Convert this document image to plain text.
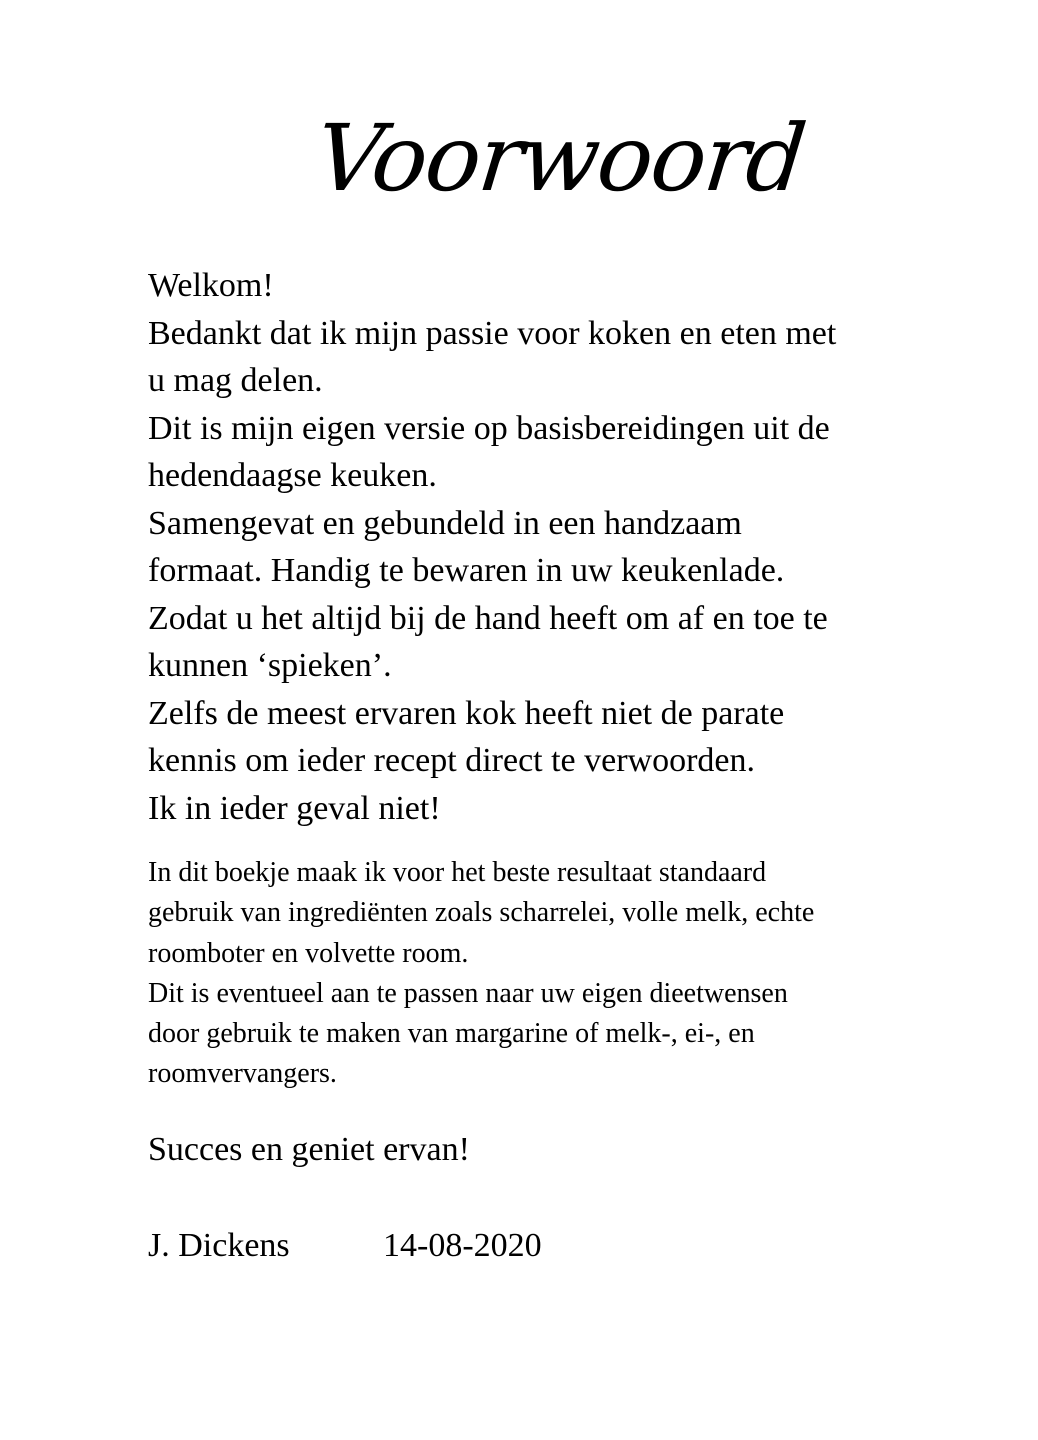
Voorwoord
Welkom!
Bedankt dat ik mijn passie voor koken en eten met
u mag delen.
Dit is mijn eigen versie op basisbereidingen uit de
hedendaagse keuken.
Samengevat en gebundeld in een handzaam
formaat. Handig te bewaren in uw keukenlade.
Zodat u het altijd bij de hand heeft om af en toe te
kunnen ‘spieken’.
Zelfs de meest ervaren kok heeft niet de parate
kennis om ieder recept direct te verwoorden.
Ik in ieder geval niet!
In dit boekje maak ik voor het beste resultaat standaard
gebruik van ingrediënten zoals scharrelei, volle melk, echte
roomboter en volvette room.
Dit is eventueel aan te passen naar uw eigen dieetwensen
door gebruik te maken van margarine of melk-, ei-, en
roomvervangers.
Succes en geniet ervan!
J. Dickens	14-08-2020
